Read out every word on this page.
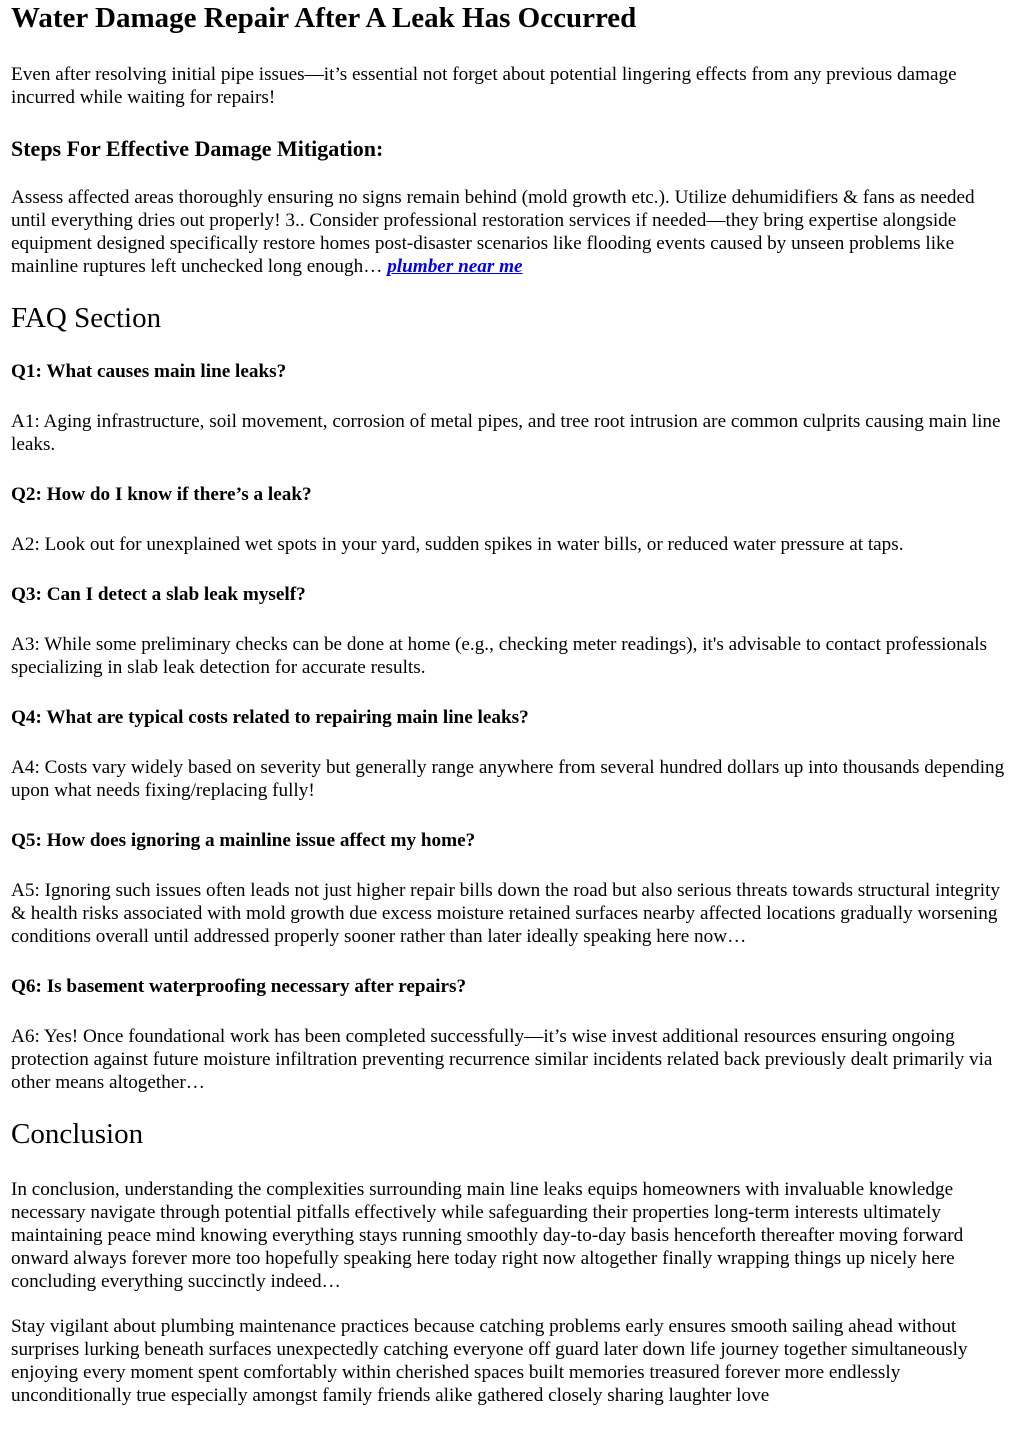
Water Damage Repair After A Leak Has Occurred

Even after resolving initial pipe issues—it’s essential not forget about potential lingering effects from any previous damage incurred while waiting for repairs!

Steps For Effective Damage Mitigation:

Assess affected areas thoroughly ensuring no signs remain behind (mold growth etc.). Utilize dehumidifiers & fans as needed until everything dries out properly! 3.. Consider professional restoration services if needed—they bring expertise alongside equipment designed specifically restore homes post-disaster scenarios like flooding events caused by unseen problems like mainline ruptures left unchecked long enough… plumber near me

FAQ Section

Q1: What causes main line leaks?

A1: Aging infrastructure, soil movement, corrosion of metal pipes, and tree root intrusion are common culprits causing main line leaks.

Q2: How do I know if there’s a leak?

A2: Look out for unexplained wet spots in your yard, sudden spikes in water bills, or reduced water pressure at taps.

Q3: Can I detect a slab leak myself?

A3: While some preliminary checks can be done at home (e.g., checking meter readings), it's advisable to contact professionals specializing in slab leak detection for accurate results.

Q4: What are typical costs related to repairing main line leaks?

A4: Costs vary widely based on severity but generally range anywhere from several hundred dollars up into thousands depending upon what needs fixing/replacing fully!

Q5: How does ignoring a mainline issue affect my home?

A5: Ignoring such issues often leads not just higher repair bills down the road but also serious threats towards structural integrity & health risks associated with mold growth due excess moisture retained surfaces nearby affected locations gradually worsening conditions overall until addressed properly sooner rather than later ideally speaking here now…

Q6: Is basement waterproofing necessary after repairs?

A6: Yes! Once foundational work has been completed successfully—it’s wise invest additional resources ensuring ongoing protection against future moisture infiltration preventing recurrence similar incidents related back previously dealt primarily via other means altogether…

Conclusion

In conclusion, understanding the complexities surrounding main line leaks equips homeowners with invaluable knowledge necessary navigate through potential pitfalls effectively while safeguarding their properties long-term interests ultimately maintaining peace mind knowing everything stays running smoothly day-to-day basis henceforth thereafter moving forward onward always forever more too hopefully speaking here today right now altogether finally wrapping things up nicely here concluding everything succinctly indeed…

Stay vigilant about plumbing maintenance practices because catching problems early ensures smooth sailing ahead without surprises lurking beneath surfaces unexpectedly catching everyone off guard later down life journey together simultaneously enjoying every moment spent comfortably within cherished spaces built memories treasured forever more endlessly unconditionally true especially amongst family friends alike gathered closely sharing laughter love
